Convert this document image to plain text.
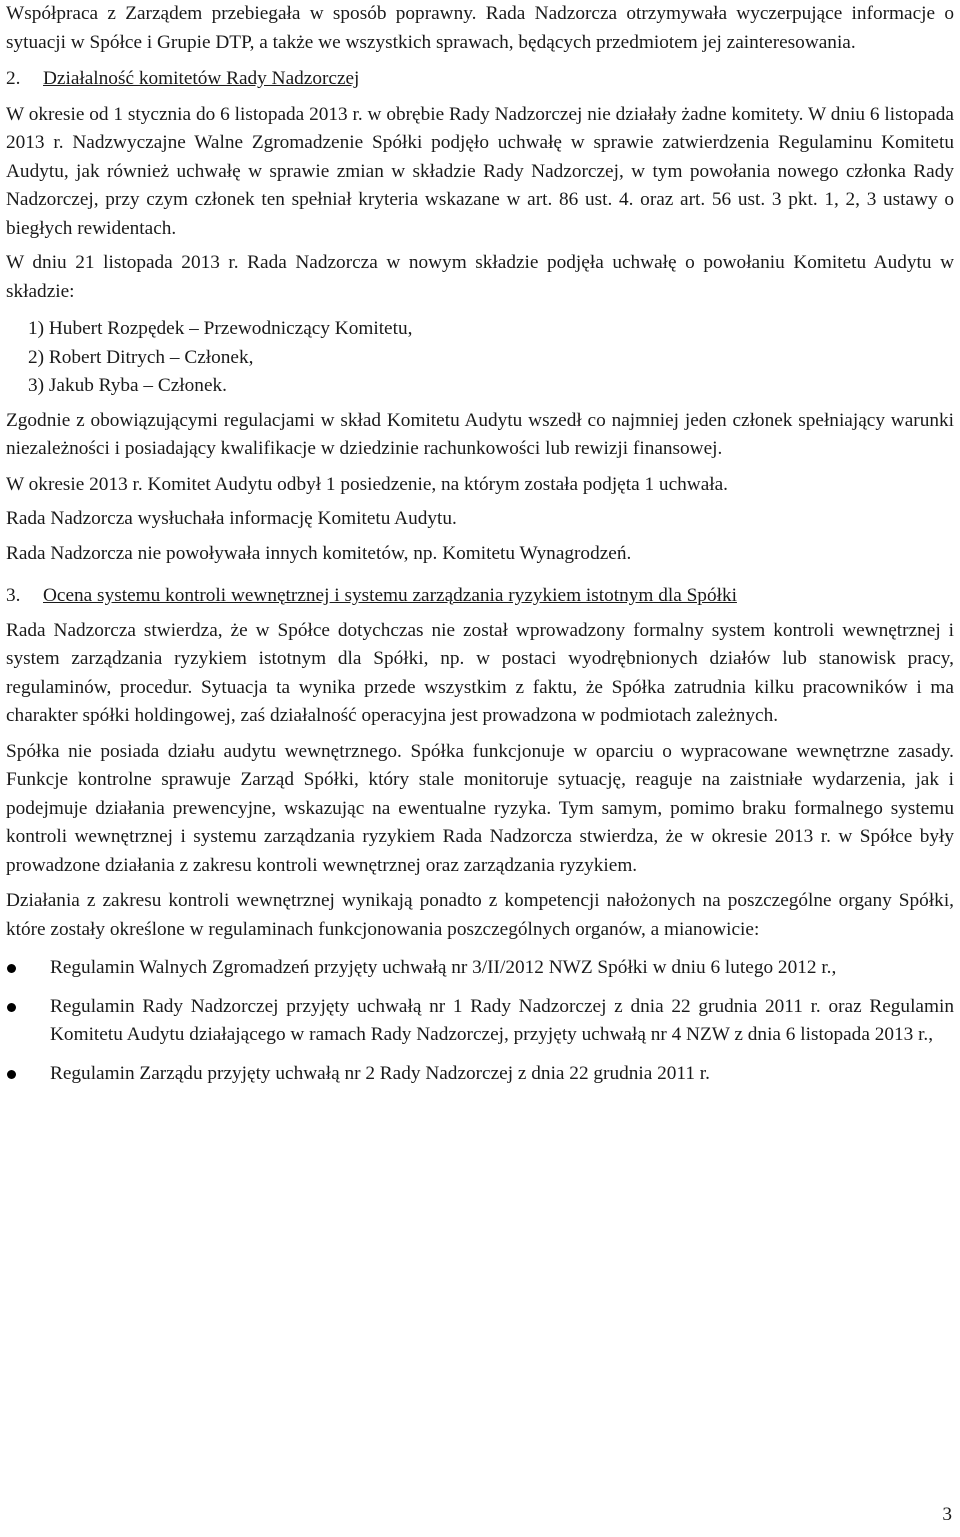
Współpraca z Zarządem przebiegała w sposób poprawny. Rada Nadzorcza otrzymywała wyczerpujące informacje o sytuacji w Spółce i Grupie DTP, a także we wszystkich sprawach, będących przedmiotem jej zainteresowania.

2. Działalność komitetów Rady Nadzorczej

W okresie od 1 stycznia do 6 listopada 2013 r. w obrębie Rady Nadzorczej nie działały żadne komitety. W dniu 6 listopada 2013 r. Nadzwyczajne Walne Zgromadzenie Spółki podjęło uchwałę w sprawie zatwierdzenia Regulaminu Komitetu Audytu, jak również uchwałę w sprawie zmian w składzie Rady Nadzorczej, w tym powołania nowego członka Rady Nadzorczej, przy czym członek ten spełniał kryteria wskazane w art. 86 ust. 4. oraz art. 56 ust. 3 pkt. 1, 2, 3 ustawy o biegłych rewidentach.

W dniu 21 listopada 2013 r. Rada Nadzorcza w nowym składzie podjęła uchwałę o powołaniu Komitetu Audytu w składzie:

1) Hubert Rozpędek – Przewodniczący Komitetu,
2) Robert Ditrych – Członek,
3) Jakub Ryba – Członek.

Zgodnie z obowiązującymi regulacjami w skład Komitetu Audytu wszedł co najmniej jeden członek spełniający warunki niezależności i posiadający kwalifikacje w dziedzinie rachunkowości lub rewizji finansowej.

W okresie 2013 r. Komitet Audytu odbył 1 posiedzenie, na którym została podjęta 1 uchwała.

Rada Nadzorcza wysłuchała informację Komitetu Audytu.

Rada Nadzorcza nie powoływała innych komitetów, np. Komitetu Wynagrodzeń.

3. Ocena systemu kontroli wewnętrznej i systemu zarządzania ryzykiem istotnym dla Spółki

Rada Nadzorcza stwierdza, że w Spółce dotychczas nie został wprowadzony formalny system kontroli wewnętrznej i system zarządzania ryzykiem istotnym dla Spółki, np. w postaci wyodrębnionych działów lub stanowisk pracy, regulaminów, procedur. Sytuacja ta wynika przede wszystkim z faktu, że Spółka zatrudnia kilku pracowników i ma charakter spółki holdingowej, zaś działalność operacyjna jest prowadzona w podmiotach zależnych.

Spółka nie posiada działu audytu wewnętrznego. Spółka funkcjonuje w oparciu o wypracowane wewnętrzne zasady. Funkcje kontrolne sprawuje Zarząd Spółki, który stale monitoruje sytuację, reaguje na zaistniałe wydarzenia, jak i podejmuje działania prewencyjne, wskazując na ewentualne ryzyka. Tym samym, pomimo braku formalnego systemu kontroli wewnętrznej i systemu zarządzania ryzykiem Rada Nadzorcza stwierdza, że w okresie 2013 r. w Spółce były prowadzone działania z zakresu kontroli wewnętrznej oraz zarządzania ryzykiem.

Działania z zakresu kontroli wewnętrznej wynikają ponadto z kompetencji nałożonych na poszczególne organy Spółki, które zostały określone w regulaminach funkcjonowania poszczególnych organów, a mianowicie:

Regulamin Walnych Zgromadzeń przyjęty uchwałą nr 3/II/2012 NWZ Spółki w dniu 6 lutego 2012 r.,
Regulamin Rady Nadzorczej przyjęty uchwałą nr 1 Rady Nadzorczej z dnia 22 grudnia 2011 r. oraz Regulamin Komitetu Audytu działającego w ramach Rady Nadzorczej, przyjęty uchwałą nr 4 NZW z dnia 6 listopada 2013 r.,
Regulamin Zarządu przyjęty uchwałą nr 2 Rady Nadzorczej z dnia 22 grudnia 2011 r.
3
